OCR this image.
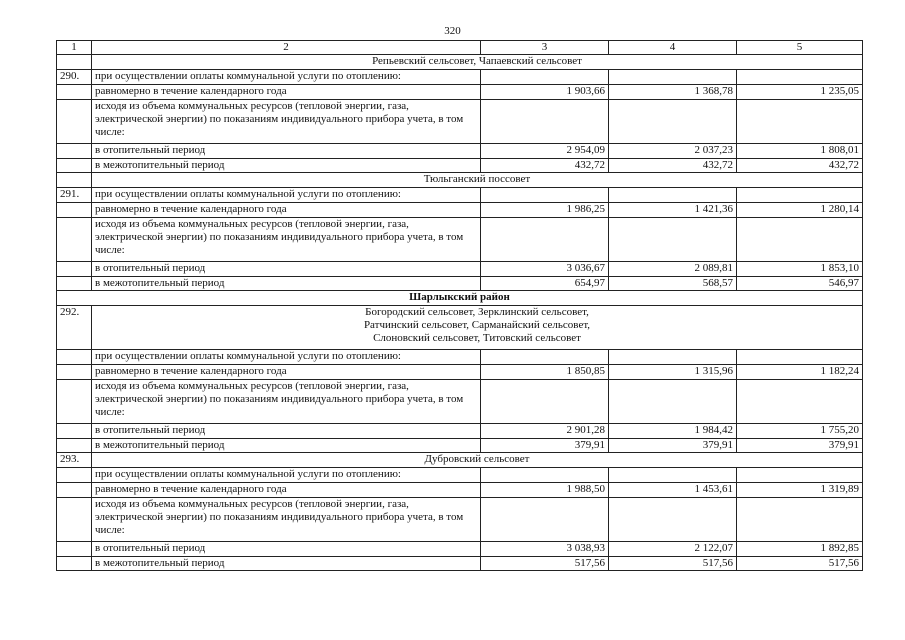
320
1	2	3	4	5
	Репьевский сельсовет, Чапаевский сельсовет			
290.	при осуществлении оплаты коммунальной услуги по отоплению:			
	равномерно в течение календарного года	1 903,66	1 368,78	1 235,05
	исходя из объема коммунальных ресурсов (тепловой энергии, газа, электрической энергии) по показаниям индивидуального прибора учета, в том числе:			
	в отопительный период	2 954,09	2 037,23	1 808,01
	в межотопительный период	432,72	432,72	432,72
	Тюльганский поссовет			
291.	при осуществлении оплаты коммунальной услуги по отоплению:			
	равномерно в течение календарного года	1 986,25	1 421,36	1 280,14
	исходя из объема коммунальных ресурсов (тепловой энергии, газа, электрической энергии) по показаниям индивидуального прибора учета, в том числе:			
	в отопительный период	3 036,67	2 089,81	1 853,10
	в межотопительный период	654,97	568,57	546,97
Шарлыкский район				
292.	Богородский сельсовет, Зерклинский сельсовет,
Ратчинский сельсовет, Сарманайский сельсовет,
Слоновский сельсовет, Титовский сельсовет			

	при осуществлении оплаты коммунальной услуги по отоплению:			
	равномерно в течение календарного года	1 850,85	1 315,96	1 182,24
	исходя из объема коммунальных ресурсов (тепловой энергии, газа, электрической энергии) по показаниям индивидуального прибора учета, в том числе:			
	в отопительный период	2 901,28	1 984,42	1 755,20
	в межотопительный период	379,91	379,91	379,91
293.	Дубровский сельсовет			
	при осуществлении оплаты коммунальной услуги по отоплению:			
	равномерно в течение календарного года	1 988,50	1 453,61	1 319,89
	исходя из объема коммунальных ресурсов (тепловой энергии, газа, электрической энергии) по показаниям индивидуального прибора учета, в том числе:			
	в отопительный период	3 038,93	2 122,07	1 892,85
	в межотопительный период	517,56	517,56	517,56
